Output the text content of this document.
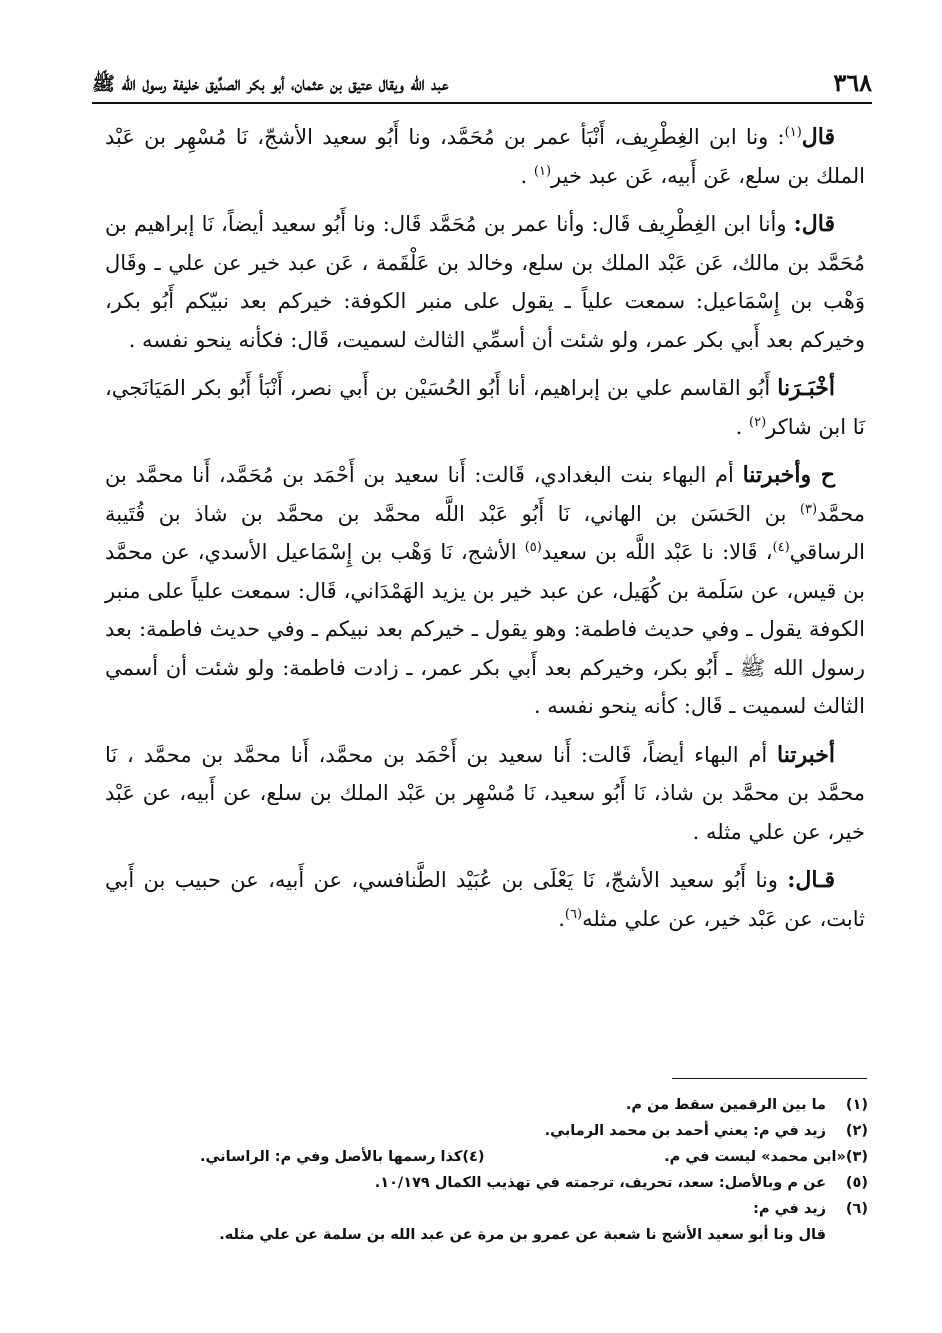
٣٦٨
عبد الله ويقال عتيق بن عثمان، أبو بكر الصدِّيق خليفة رسول الله ﷺ

قال$^{(١)}$: ونا ابن الغِطْرِيف، أَنْبَأ عمر بن مُحَمَّد، ونا أَبُو سعيد الأشجّ، نَا مُسْهِر بن عَبْد الملك بن سلع، عَن أَبيه، عَن عبد خير$^{(١)}$ .

قال: وأنا ابن الغِطْرِيف قَال: وأنا عمر بن مُحَمَّد قَال: ونا أَبُو سعيد أيضاً، نَا إبراهيم بن مُحَمَّد بن مالك، عَن عَبْد الملك بن سلع، وخالد بن عَلْقَمة ، عَن عبد خير عن علي ـ وقَال وَهْب بن إِسْمَاعيل: سمعت علياً ـ يقول على منبر الكوفة: خيركم بعد نبيّكم أَبُو بكر، وخيركم بعد أَبي بكر عمر، ولو شئت أن أسمِّي الثالث لسميت، قَال: فكأنه ينحو نفسه .

أخْبَـرَنا أَبُو القاسم علي بن إبراهيم، أنا أَبُو الحُسَيْن بن أَبي نصر، أَنْبَأ أَبُو بكر المَيَانَجي، نَا ابن شاكر$^{(٢)}$ .

ح وأخبرتنا أم البهاء بنت البغدادي، قَالت: أَنا سعيد بن أَحْمَد بن مُحَمَّد، أَنا محمَّد بن محمَّد$^{(٣)}$ بن الحَسَن بن الهاني، نَا أَبُو عَبْد اللَّه محمَّد بن محمَّد بن شاذ بن قُتَيبة الرساقي$^{(٤)}$، قَالا: نا عَبْد اللَّه بن سعيد$^{(٥)}$ الأشج، نَا وَهْب بن إِسْمَاعيل الأسدي، عن محمَّد بن قيس، عن سَلَمة بن كُهَيل، عن عبد خير بن يزيد الهَمْدَاني، قَال: سمعت علياً على منبر الكوفة يقول ـ وفي حديث فاطمة: وهو يقول ـ خيركم بعد نبيكم ـ وفي حديث فاطمة: بعد رسول الله ﷺ ـ أَبُو بكر، وخيركم بعد أَبي بكر عمر، ـ زادت فاطمة: ولو شئت أن أسمي الثالث لسميت ـ قَال: كأنه ينحو نفسه .

أخبرتنا أم البهاء أيضاً، قَالت: أَنا سعيد بن أَحْمَد بن محمَّد، أَنا محمَّد بن محمَّد ، نَا محمَّد بن محمَّد بن شاذ، نَا أَبُو سعيد، نَا مُسْهِر بن عَبْد الملك بن سلع، عن أَبيه، عن عَبْد خير، عن علي مثله .

قـال: ونا أَبُو سعيد الأشجّ، نَا يَعْلَى بن عُبَيْد الطَّنافسي، عن أَبيه، عن حبيب بن أَبي ثابت، عن عَبْد خير، عن علي مثله$^{(٦)}$.

(١)ما بين الرقمين سقط من م.
(٢)زيد في م: يعني أحمد بن محمد الرمابي.
(٣)«ابن محمد» ليست في م.
(٤)كذا رسمها بالأصل وفي م: الراساني.
(٥)عن م وبالأصل: سعد، تحريف، ترجمته في تهذيب الكمال ١٠/١٧٩.
(٦)زيد في م:
قال ونا أبو سعيد الأشج نا شعبة عن عمرو بن مرة عن عبد الله بن سلمة عن علي مثله.
